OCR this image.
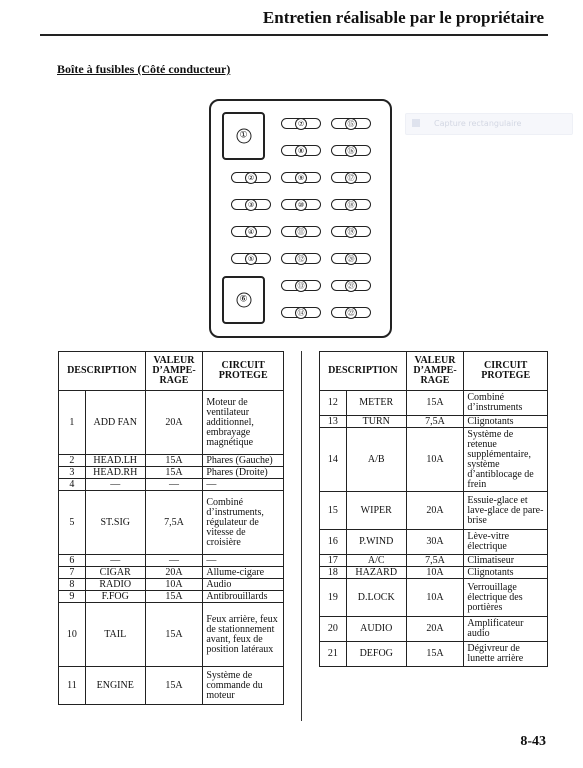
Entretien réalisable par le propriétaire
Boîte à fusibles (Côté conducteur)
①
⑥
⑦
⑧
⑨
⑩
⑪
⑫
⑬
⑭
⑮
⑯
⑰
⑱
⑲
⑳
㉑
㉒
②
③
④
⑤
Capture rectangulaire
DESCRIPTION		VALEUR D’AMPE-RAGE	CIRCUIT PROTEGE
1	ADD FAN	20A	Moteur de ventilateur additionnel, embrayage magnétique
2	HEAD.LH	15A	Phares (Gauche)
3	HEAD.RH	15A	Phares (Droite)
4	—	—	—
5	ST.SIG	7,5A	Combiné d’instruments, régulateur de vitesse de croisière
6	—	—	—
7	CIGAR	20A	Allume-cigare
8	RADIO	10A	Audio
9	F.FOG	15A	Antibrouillards
10	TAIL	15A	Feux arrière, feux de stationnement avant, feux de position latéraux
11	ENGINE	15A	Système de commande du moteur
DESCRIPTION		VALEUR D’AMPE-RAGE	CIRCUIT PROTEGE
12	METER	15A	Combiné d’instruments
13	TURN	7,5A	Clignotants
14	A/B	10A	Système de retenue supplémentaire, système d’antiblocage de frein
15	WIPER	20A	Essuie-glace et lave-glace de pare-brise
16	P.WIND	30A	Lève-vitre électrique
17	A/C	7,5A	Climatiseur
18	HAZARD	10A	Clignotants
19	D.LOCK	10A	Verrouillage électrique des portières
20	AUDIO	20A	Amplificateur audio
21	DEFOG	15A	Dégivreur de lunette arrière
8-43
